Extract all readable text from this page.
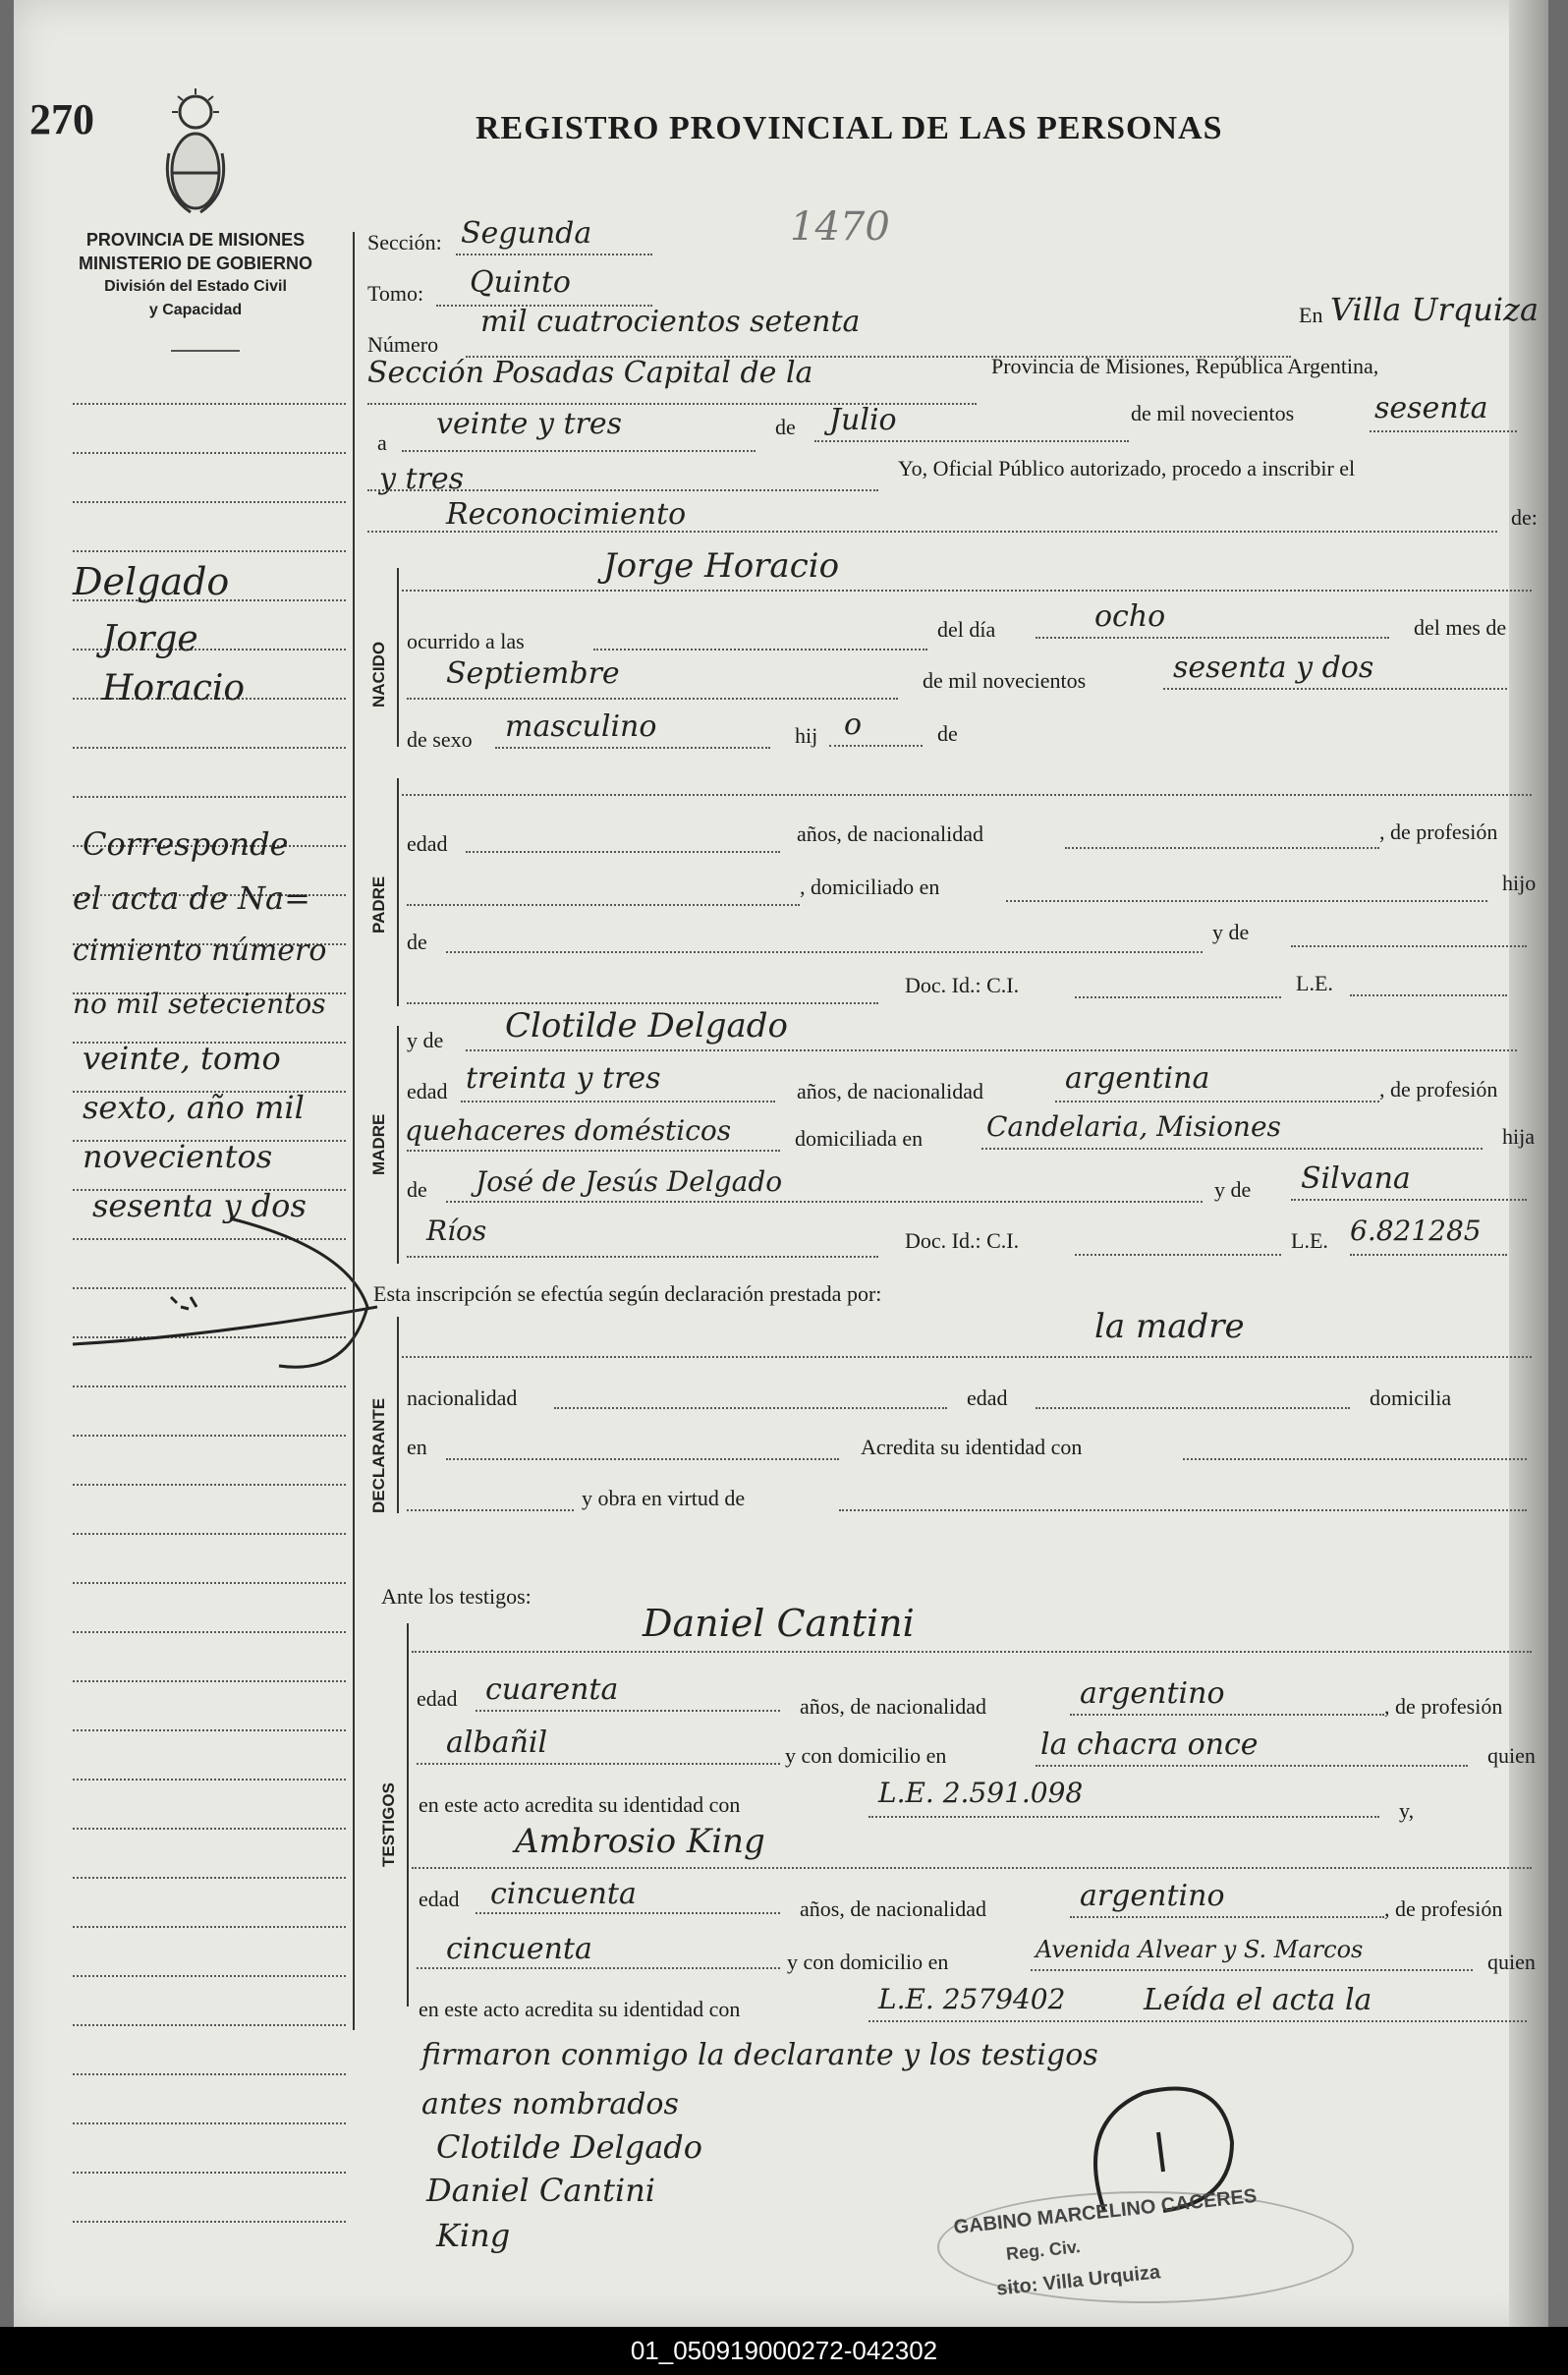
270	REGISTRO PROVINCIAL DE LAS PERSONAS
PROVINCIA DE MISIONES
MINISTERIO DE GOBIERNO
División del Estado Civil
y Capacidad
1470
Delgado
Jorge
Horacio
Corresponde
el acta de Na=
cimiento número
no mil setecientos
veinte, tomo
sexto, año mil
novecientos
sesenta y dos
Sección: Segunda
Tomo: Quinto
Número
mil cuatrocientos setenta	En Villa Urquiza
Sección Posadas Capital de la	Provincia de Misiones, República Argentina,
a
veinte y tres	de Julio	de mil novecientos	sesenta
y tres	Yo, Oficial Público autorizado, procedo a inscribir el
Reconocimiento	de:
NACIDO
Jorge Horacio
ocurrido a las	del día	ocho	del mes de
Septiembre	de mil novecientos	sesenta y dos
de sexo masculino	hij o	de
PADRE
edad	años, de nacionalidad	, de profesión
, domiciliado en	hijo
de	y de
Doc. Id.: C.I.	L.E.
MADRE
y de Clotilde Delgado
edad treinta y tres	años, de nacionalidad	argentina	, de profesión
quehaceres domésticos	domiciliada en Candelaria, Misiones	hija
de José de Jesús Delgado	y de Silvana
Ríos	Doc. Id.: C.I.	L.E. 6.821285
Esta inscripción se efectúa según declaración prestada por:
DECLARANTE
la madre
nacionalidad	edad	domicilia
en	Acredita su identidad con
y obra en virtud de
Ante los testigos:
TESTIGOS
Daniel Cantini
edad cuarenta	años, de nacionalidad	argentino	, de profesión
albañil	y con domicilio en	la chacra once	quien
en este acto acredita su identidad con	L.E. 2.591.098
y,
Ambrosio King
edad cincuenta	años, de nacionalidad	argentino	, de profesión
cincuenta	y con domicilio en	Avenida Alvear y S. Marcos	quien
en este acto acredita su identidad con	L.E. 2579402	Leída el acta la
firmaron conmigo la declarante y los testigos
antes nombrados
Clotilde Delgado
Daniel Cantini
King	GABINO MARCELINO CACERES
Reg. Civ.
sito: Villa Urquiza
01_050919000272-042302
